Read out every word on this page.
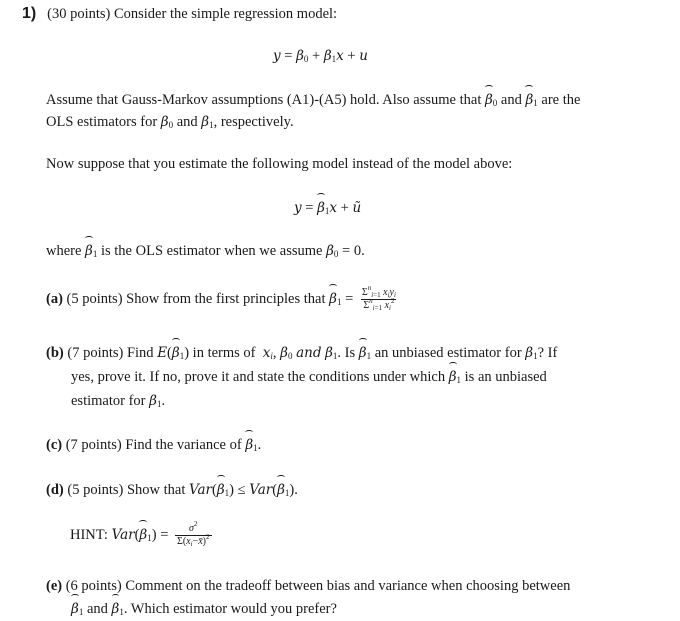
1) (30 points) Consider the simple regression model:
$y = \beta_0 + \beta_1x + u$
Assume that Gauss-Markov assumptions (A1)-(A5) hold. Also assume that $\beta_0$ and $\beta_1$ are the
OLS estimators for $\beta_0$ and $\beta_1$, respectively.
Now suppose that you estimate the following model instead of the model above:
$y = \beta_1x$ + ũ
where $\beta_1$ is the OLS estimator when we assume $\beta_0 = 0$.
(a) (5 points) Show from the first principles that $\beta_1 = \frac{\Sigma^n_{i=1} x_iy_i}{\Sigma^n_{i=1} x_i^2}$
(b) (7 points) Find $E(\beta_1)$ in terms of $x_i$, $\beta_0$ and $\beta_1$. Is $\beta_1$ an unbiased estimator for $\beta_1$? If
yes, prove it. If no, prove it and state the conditions under which $\beta_1$ is an unbiased
estimator for $\beta_1$.
(c) (7 points) Find the variance of $\beta_1$.
(d) (5 points) Show that $Var(\beta_1) \le Var(\beta_1)$.
HINT: $Var(\beta_1) = \frac{\sigma^2}{\Sigma(x_i-x̄)^2}$
(e) (6 points) Comment on the tradeoff between bias and variance when choosing between
$\beta_1$ and $\beta_1$. Which estimator would you prefer?
